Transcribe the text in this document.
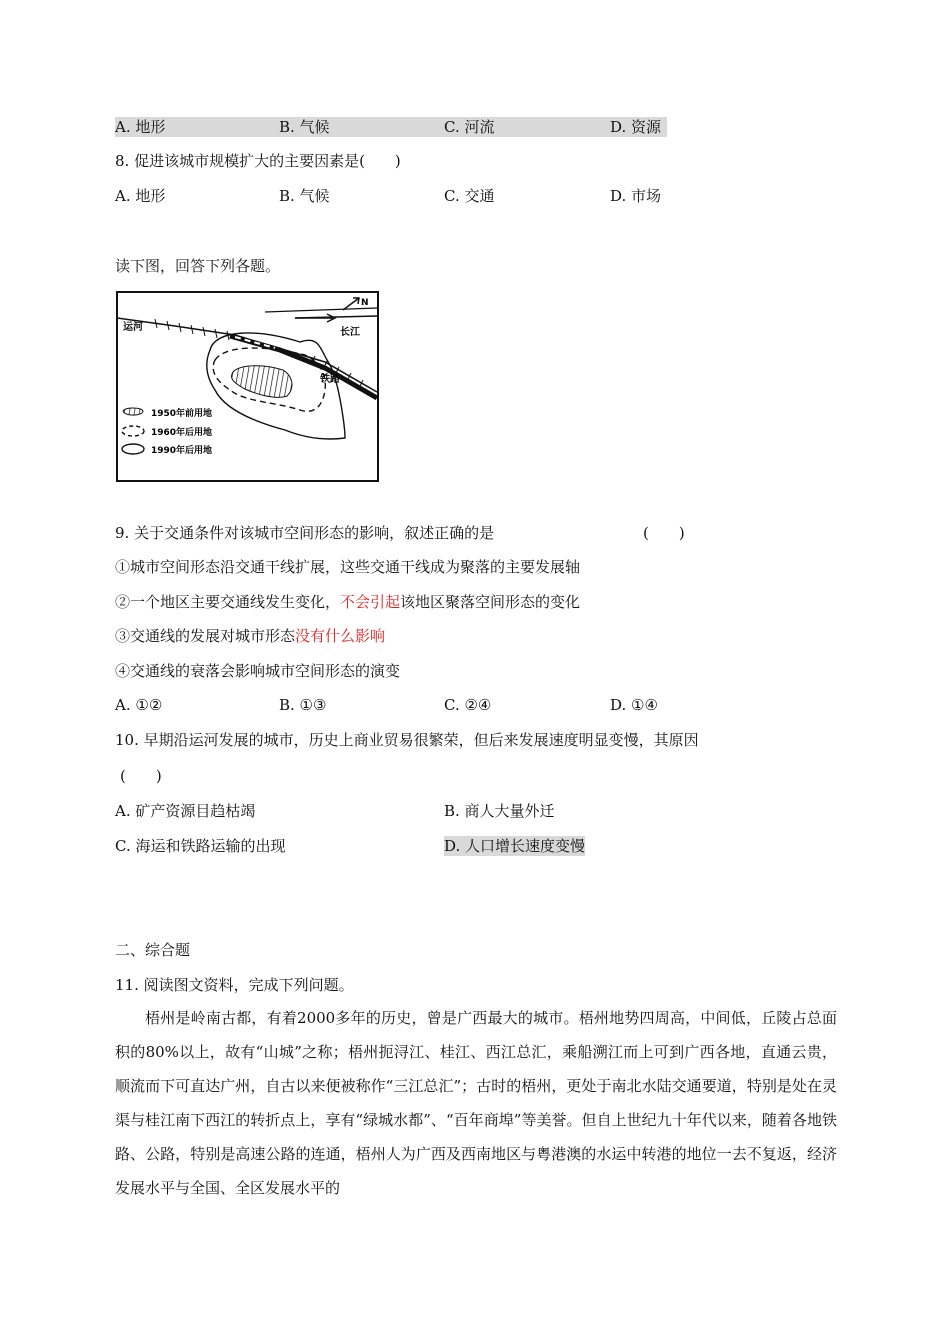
A. 地形	B. 气候	C. 河流	D. 资源
8. 促进该城市规模扩大的主要因素是(　　)
A. 地形	B. 气候	C. 交通	D. 市场
读下图，回答下列各题。
N
运河	长江
铁路
1950年前用地
1960年后用地
1990年后用地
9. 关于交通条件对该城市空间形态的影响，叙述正确的是	(　　)
①城市空间形态沿交通干线扩展，这些交通干线成为聚落的主要发展轴
②一个地区主要交通线发生变化，不会引起该地区聚落空间形态的变化
③交通线的发展对城市形态没有什么影响
④交通线的衰落会影响城市空间形态的演变
A. ①②	B. ①③	C. ②④	D. ①④
10. 早期沿运河发展的城市，历史上商业贸易很繁荣，但后来发展速度明显变慢，其原因
(　　)
A. 矿产资源目趋枯竭	B. 商人大量外迁
C. 海运和铁路运输的出现	D. 人口增长速度变慢
二、综合题
11. 阅读图文资料，完成下列问题。

梧州是岭南古都，有着2000多年的历史，曾是广西最大的城市。梧州地势四周高，中间低，丘陵占总面积的80%以上，故有“山城”之称；梧州扼浔江、桂江、西江总汇，乘船溯江而上可到广西各地，直通云贵，顺流而下可直达广州，自古以来便被称作“三江总汇”；古时的梧州，更处于南北水陆交通要道，特别是处在灵渠与桂江南下西江的转折点上，享有“绿城水都”、“百年商埠”等美誉。但自上世纪九十年代以来，随着各地铁路、公路，特别是高速公路的连通，梧州人为广西及西南地区与粤港澳的水运中转港的地位一去不复返，经济发展水平与全国、全区发展水平的
